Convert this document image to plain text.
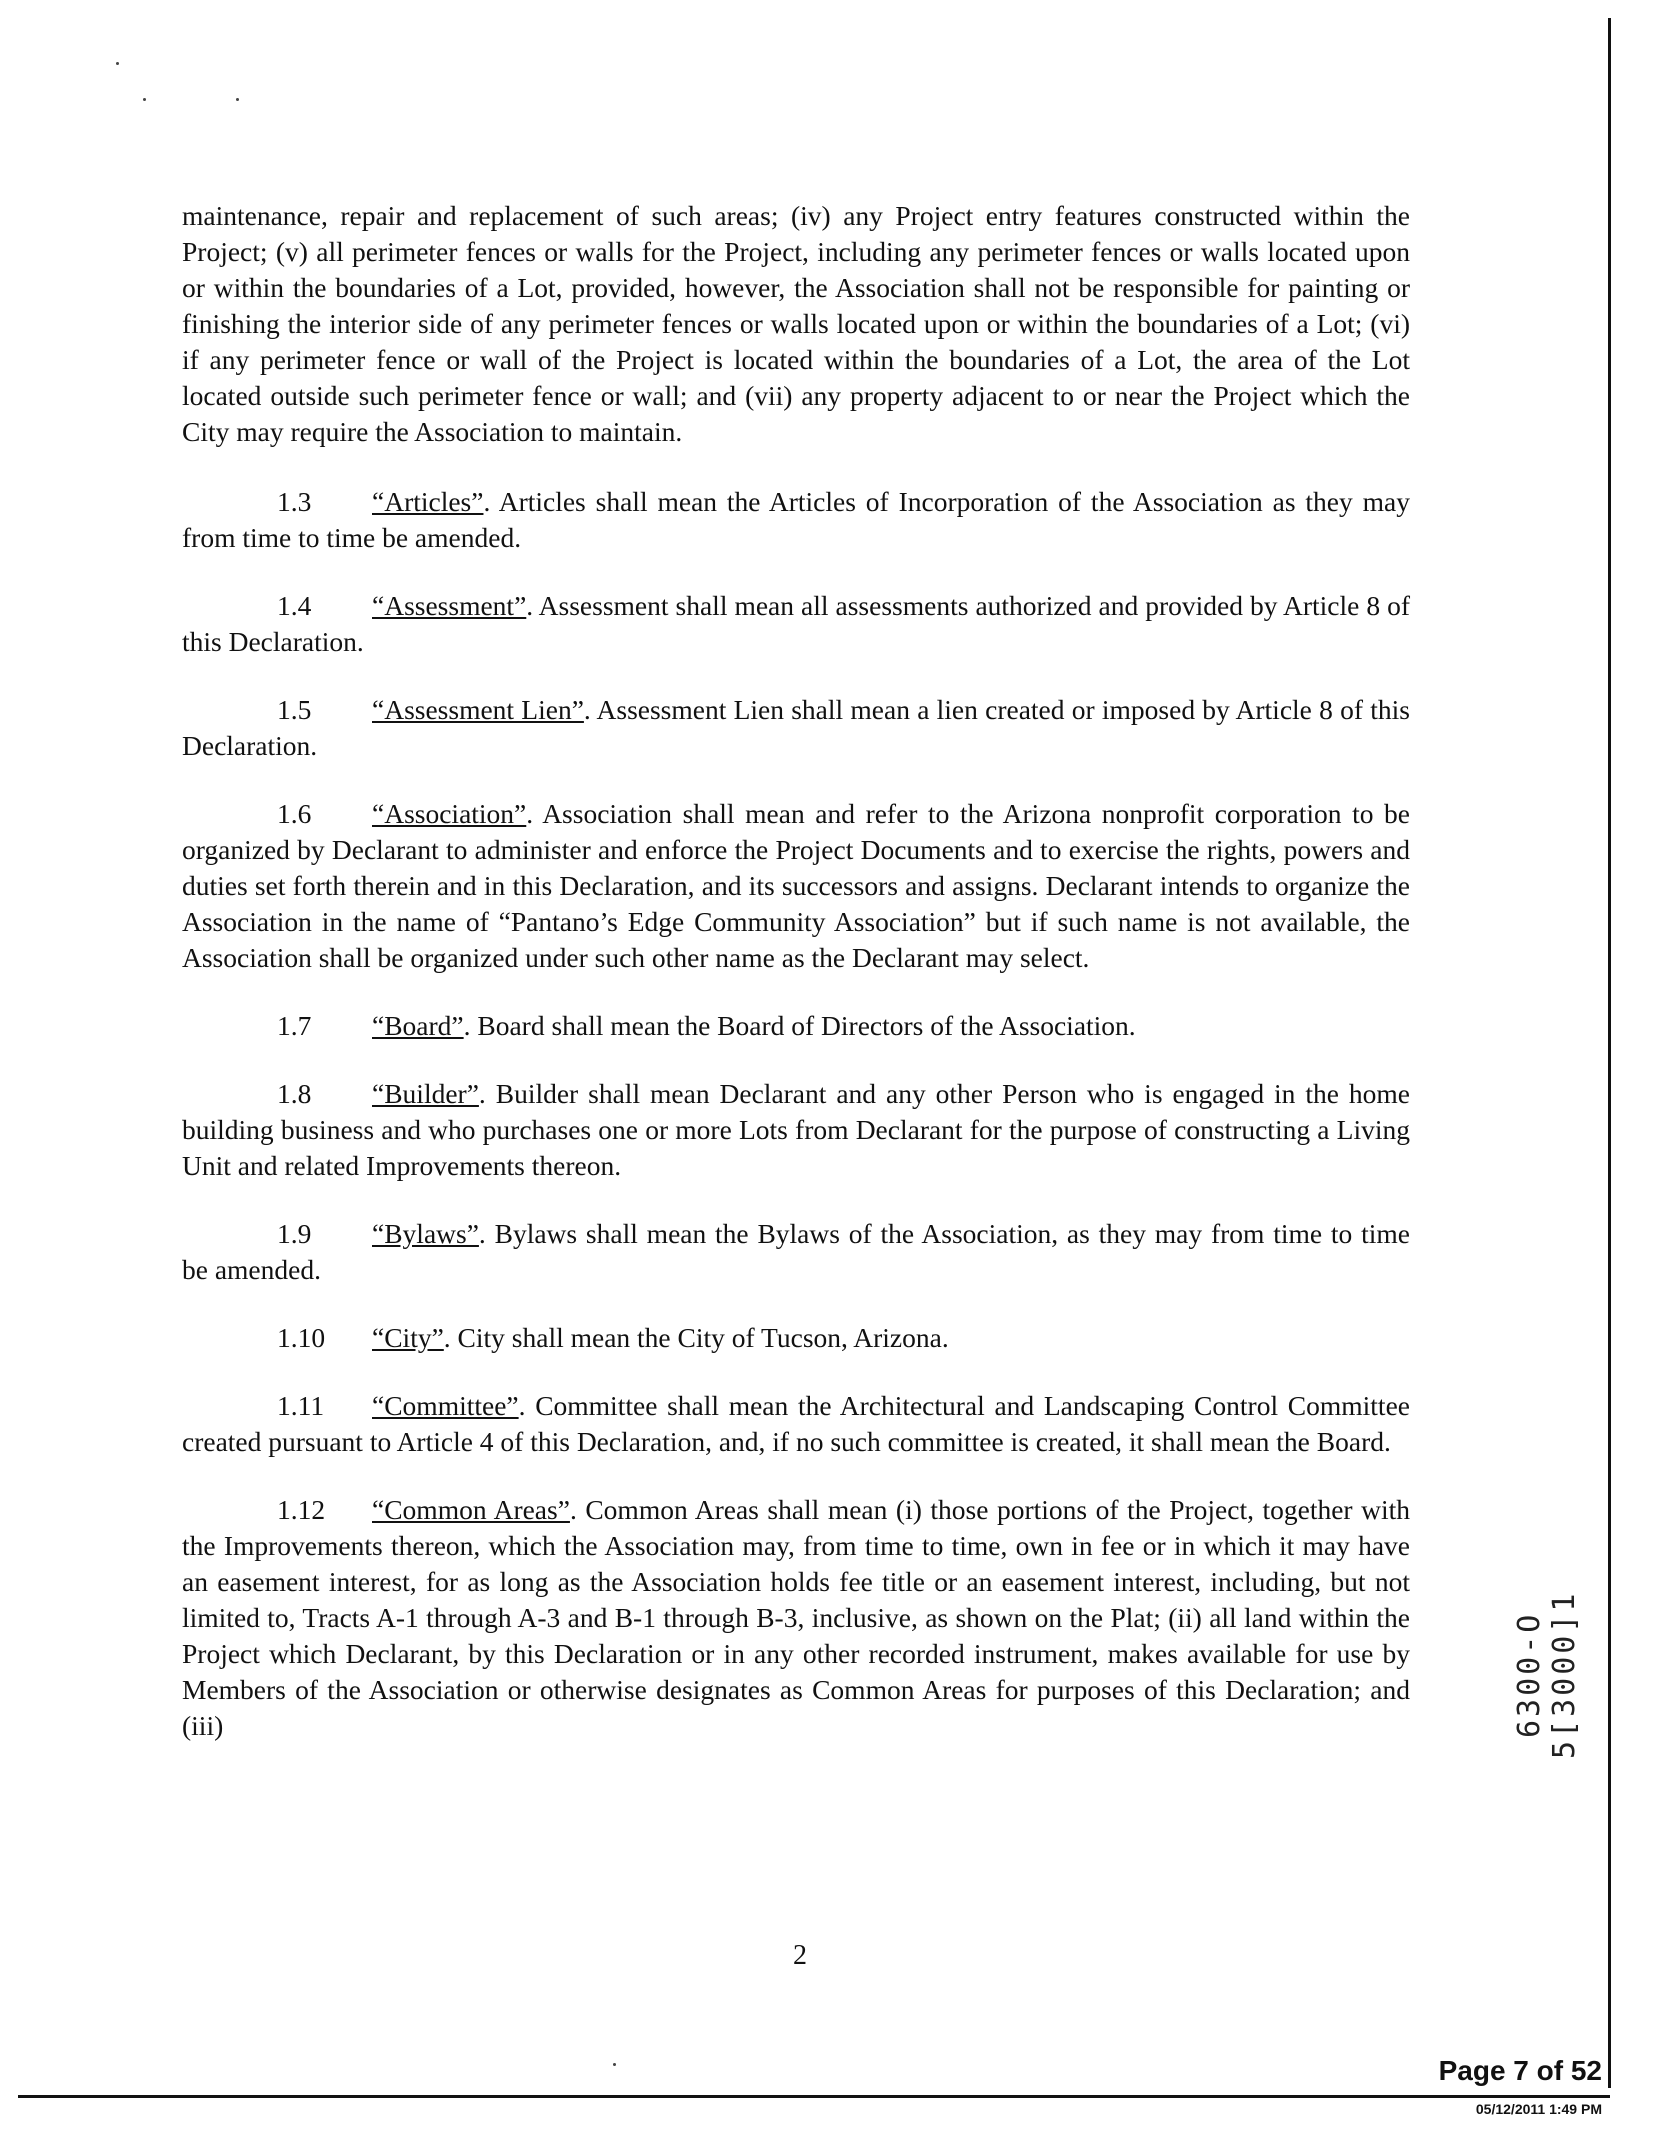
maintenance, repair and replacement of such areas; (iv) any Project entry features constructed within the Project; (v) all perimeter fences or walls for the Project, including any perimeter fences or walls located upon or within the boundaries of a Lot, provided, however, the Association shall not be responsible for painting or finishing the interior side of any perimeter fences or walls located upon or within the boundaries of a Lot; (vi) if any perimeter fence or wall of the Project is located within the boundaries of a Lot, the area of the Lot located outside such perimeter fence or wall; and (vii) any property adjacent to or near the Project which the City may require the Association to maintain.

1.3 “Articles”. Articles shall mean the Articles of Incorporation of the Association as they may from time to time be amended.

1.4 “Assessment”. Assessment shall mean all assessments authorized and provided by Article 8 of this Declaration.

1.5 “Assessment Lien”. Assessment Lien shall mean a lien created or imposed by Article 8 of this Declaration.

1.6 “Association”. Association shall mean and refer to the Arizona nonprofit corporation to be organized by Declarant to administer and enforce the Project Documents and to exercise the rights, powers and duties set forth therein and in this Declaration, and its successors and assigns. Declarant intends to organize the Association in the name of “Pantano’s Edge Community Association” but if such name is not available, the Association shall be organized under such other name as the Declarant may select.

1.7 “Board”. Board shall mean the Board of Directors of the Association.

1.8 “Builder”. Builder shall mean Declarant and any other Person who is engaged in the home building business and who purchases one or more Lots from Declarant for the purpose of constructing a Living Unit and related Improvements thereon.

1.9 “Bylaws”. Bylaws shall mean the Bylaws of the Association, as they may from time to time be amended.

1.10 “City”. City shall mean the City of Tucson, Arizona.

1.11 “Committee”. Committee shall mean the Architectural and Landscaping Control Committee created pursuant to Article 4 of this Declaration, and, if no such committee is created, it shall mean the Board.

1.12 “Common Areas”. Common Areas shall mean (i) those portions of the Project, together with the Improvements thereon, which the Association may, from time to time, own in fee or in which it may have an easement interest, for as long as the Association holds fee title or an easement interest, including, but not limited to, Tracts A-1 through A-3 and B-1 through B-3, inclusive, as shown on the Plat; (ii) all land within the Project which Declarant, by this Declaration or in any other recorded instrument, makes available for use by Members of the Association or otherwise designates as Common Areas for purposes of this Declaration; and (iii)

2
6300-O 5[3000]1
Page 7 of 52
05/12/2011 1:49 PM
